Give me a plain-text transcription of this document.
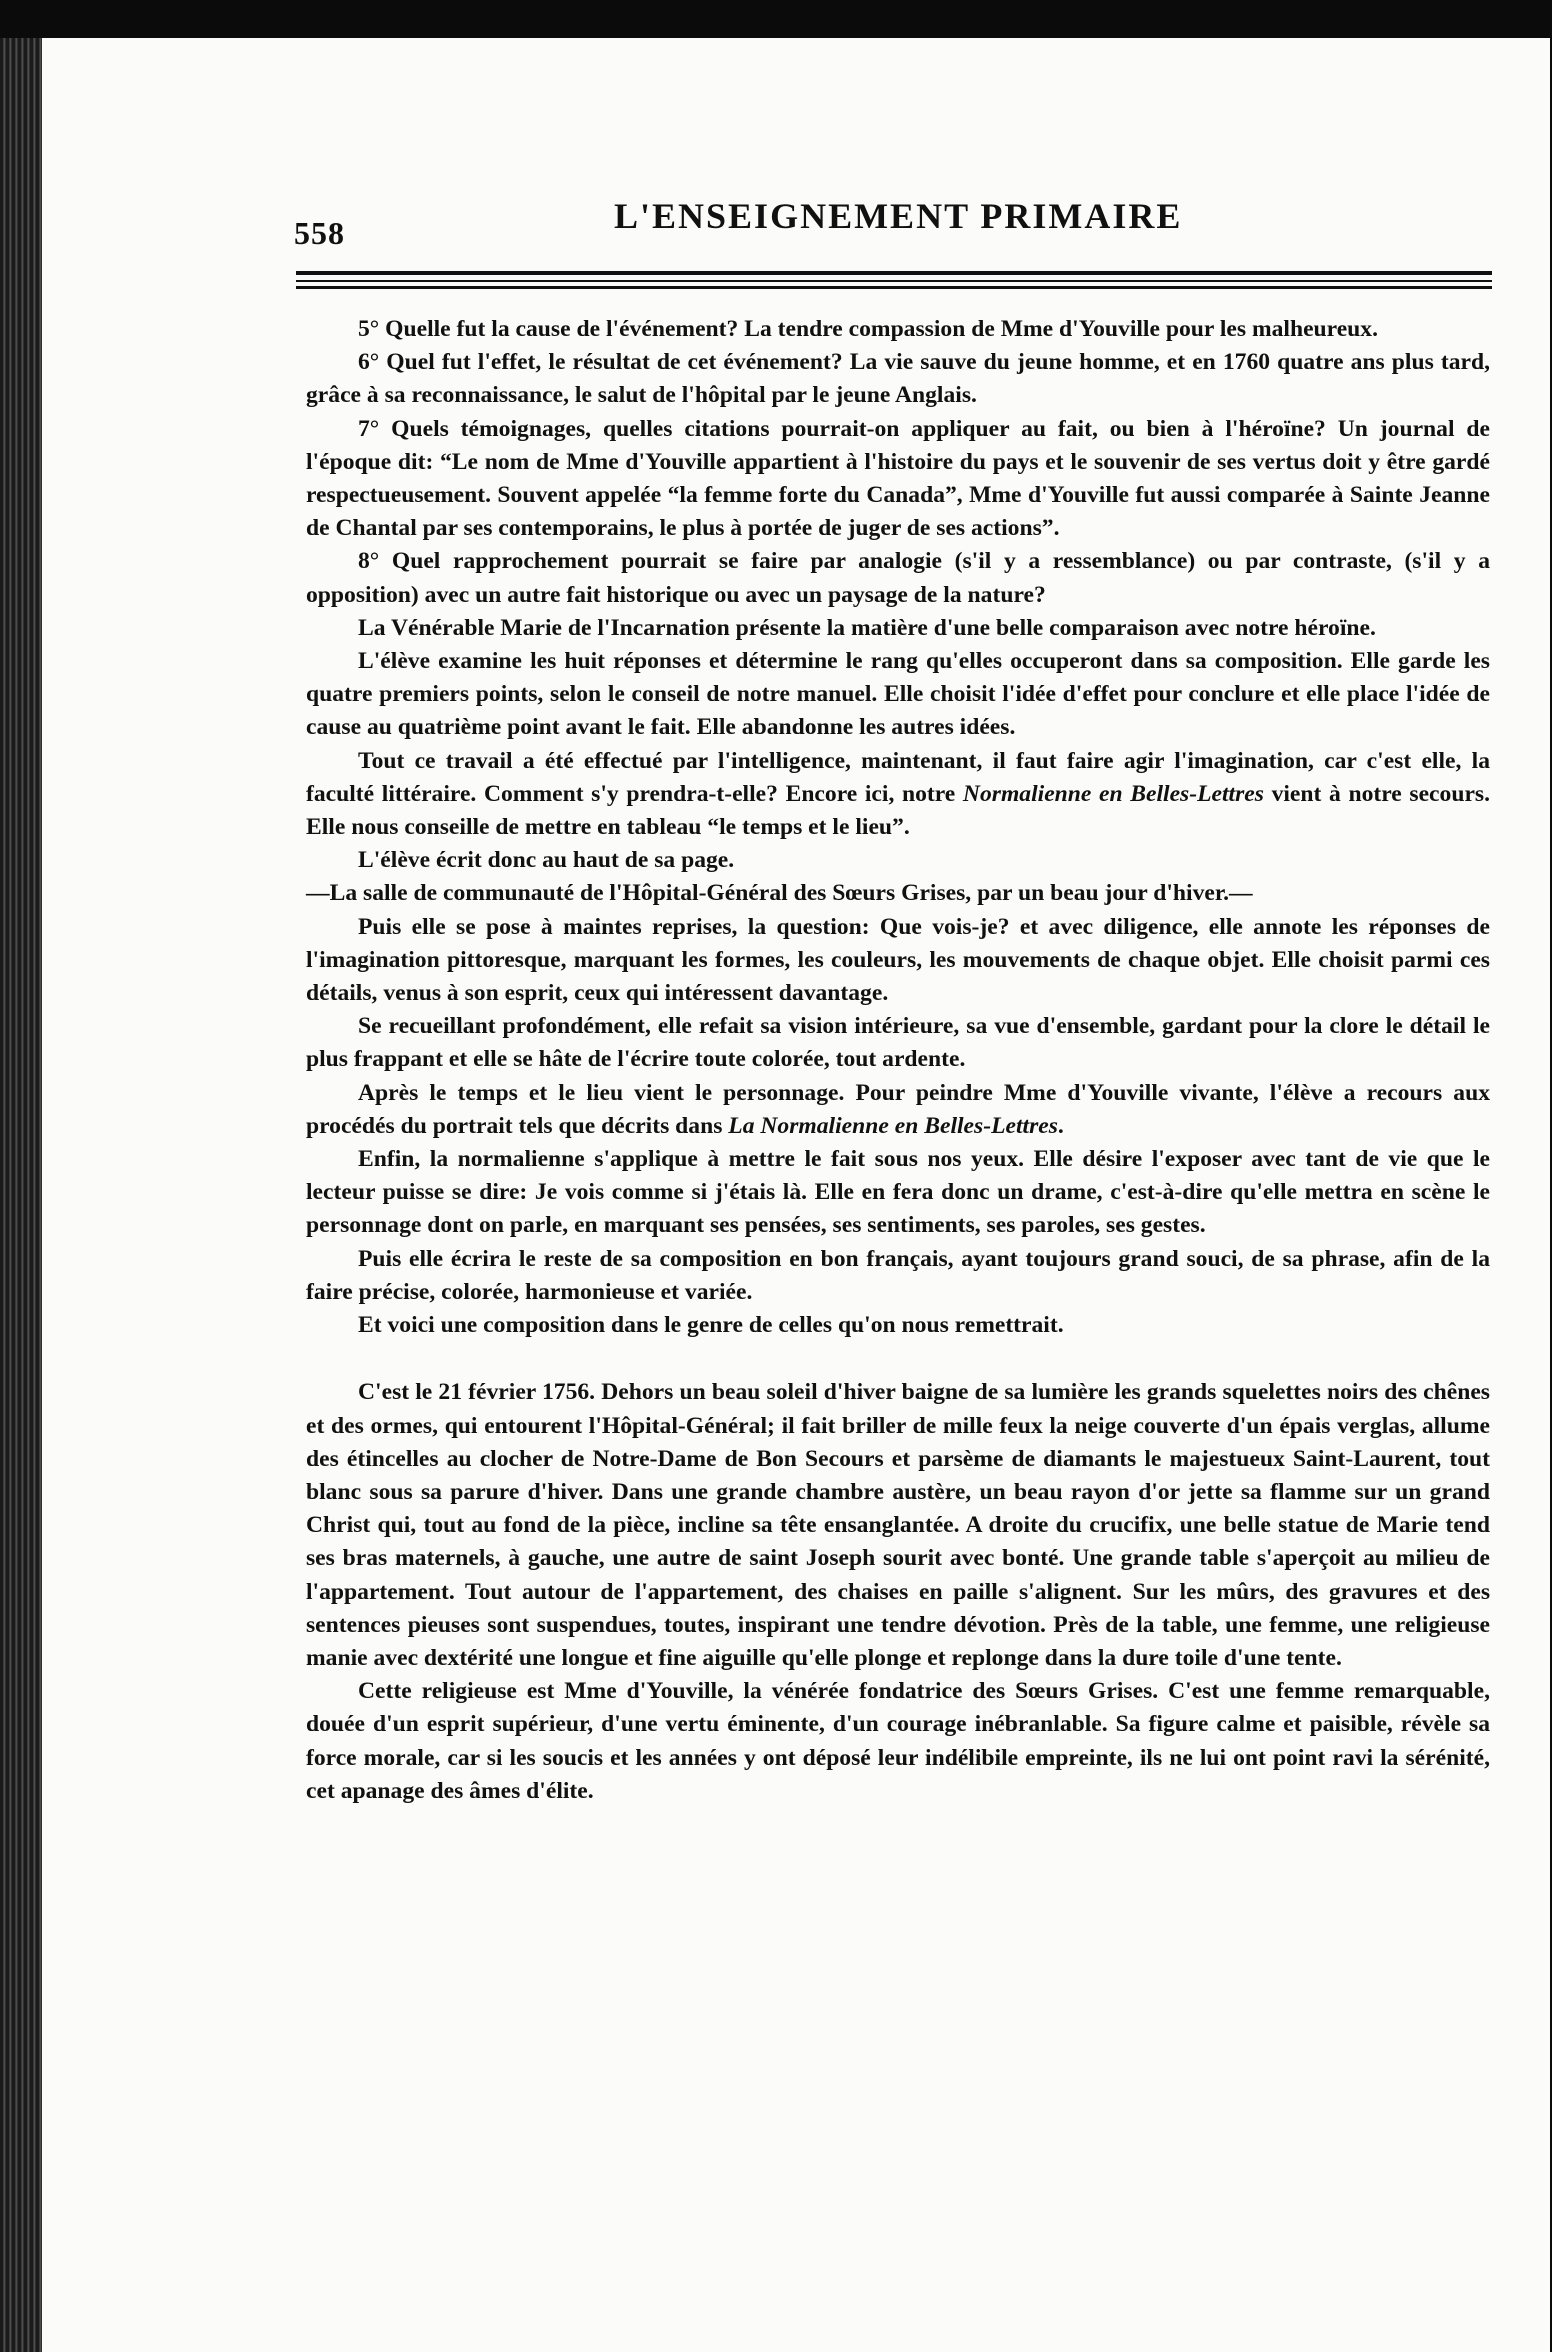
558	L'ENSEIGNEMENT PRIMAIRE

5° Quelle fut la cause de l'événement? La tendre compassion de Mme d'Youville pour les malheureux.

6° Quel fut l'effet, le résultat de cet événement? La vie sauve du jeune homme, et en 1760 quatre ans plus tard, grâce à sa reconnaissance, le salut de l'hôpital par le jeune Anglais.

7° Quels témoignages, quelles citations pourrait-on appliquer au fait, ou bien à l'héroïne? Un journal de l'époque dit: “Le nom de Mme d'Youville appartient à l'histoire du pays et le souvenir de ses vertus doit y être gardé respectueusement. Souvent appelée “la femme forte du Canada”, Mme d'Youville fut aussi comparée à Sainte Jeanne de Chantal par ses contemporains, le plus à portée de juger de ses actions”.

8° Quel rapprochement pourrait se faire par analogie (s'il y a ressemblance) ou par contraste, (s'il y a opposition) avec un autre fait historique ou avec un paysage de la nature?

La Vénérable Marie de l'Incarnation présente la matière d'une belle comparaison avec notre héroïne.

L'élève examine les huit réponses et détermine le rang qu'elles occuperont dans sa composition. Elle garde les quatre premiers points, selon le conseil de notre manuel. Elle choisit l'idée d'effet pour conclure et elle place l'idée de cause au quatrième point avant le fait. Elle abandonne les autres idées.

Tout ce travail a été effectué par l'intelligence, maintenant, il faut faire agir l'imagination, car c'est elle, la faculté littéraire. Comment s'y prendra-t-elle? Encore ici, notre Normalienne en Belles-Lettres vient à notre secours. Elle nous conseille de mettre en tableau “le temps et le lieu”.

L'élève écrit donc au haut de sa page.

—La salle de communauté de l'Hôpital-Général des Sœurs Grises, par un beau jour d'hiver.—

Puis elle se pose à maintes reprises, la question: Que vois-je? et avec diligence, elle annote les réponses de l'imagination pittoresque, marquant les formes, les couleurs, les mouvements de chaque objet. Elle choisit parmi ces détails, venus à son esprit, ceux qui intéressent davantage.

Se recueillant profondément, elle refait sa vision intérieure, sa vue d'ensemble, gardant pour la clore le détail le plus frappant et elle se hâte de l'écrire toute colorée, tout ardente.

Après le temps et le lieu vient le personnage. Pour peindre Mme d'Youville vivante, l'élève a recours aux procédés du portrait tels que décrits dans La Normalienne en Belles-Lettres.

Enfin, la normalienne s'applique à mettre le fait sous nos yeux. Elle désire l'exposer avec tant de vie que le lecteur puisse se dire: Je vois comme si j'étais là. Elle en fera donc un drame, c'est-à-dire qu'elle mettra en scène le personnage dont on parle, en marquant ses pensées, ses sentiments, ses paroles, ses gestes.

Puis elle écrira le reste de sa composition en bon français, ayant toujours grand souci, de sa phrase, afin de la faire précise, colorée, harmonieuse et variée.

Et voici une composition dans le genre de celles qu'on nous remettrait.

C'est le 21 février 1756. Dehors un beau soleil d'hiver baigne de sa lumière les grands squelettes noirs des chênes et des ormes, qui entourent l'Hôpital-Général; il fait briller de mille feux la neige couverte d'un épais verglas, allume des étincelles au clocher de Notre-Dame de Bon Secours et parsème de diamants le majestueux Saint-Laurent, tout blanc sous sa parure d'hiver. Dans une grande chambre austère, un beau rayon d'or jette sa flamme sur un grand Christ qui, tout au fond de la pièce, incline sa tête ensanglantée. A droite du crucifix, une belle statue de Marie tend ses bras maternels, à gauche, une autre de saint Joseph sourit avec bonté. Une grande table s'aperçoit au milieu de l'appartement. Tout autour de l'appartement, des chaises en paille s'alignent. Sur les mûrs, des gravures et des sentences pieuses sont suspendues, toutes, inspirant une tendre dévotion. Près de la table, une femme, une religieuse manie avec dextérité une longue et fine aiguille qu'elle plonge et replonge dans la dure toile d'une tente.

Cette religieuse est Mme d'Youville, la vénérée fondatrice des Sœurs Grises. C'est une femme remarquable, douée d'un esprit supérieur, d'une vertu éminente, d'un courage inébranlable. Sa figure calme et paisible, révèle sa force morale, car si les soucis et les années y ont déposé leur indélibile empreinte, ils ne lui ont point ravi la sérénité, cet apanage des âmes d'élite.
